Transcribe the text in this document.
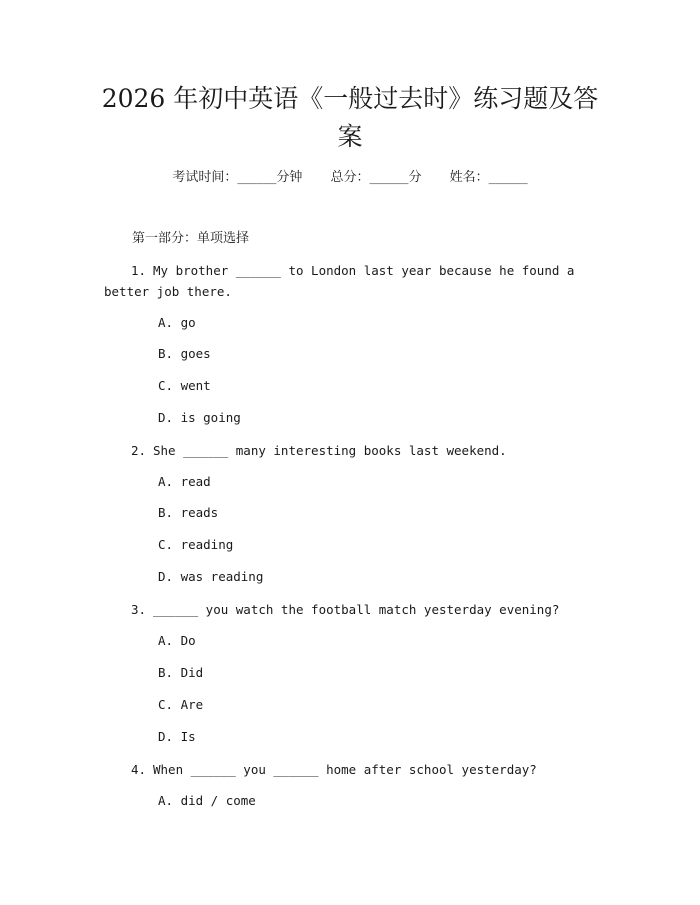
2026 年初中英语《一般过去时》练习题及答案
考试时间：______分钟 总分：______分 姓名：______
第一部分：单项选择
1. My brother ______ to London last year because he found a better job there.
A. go
B. goes
C. went
D. is going
2. She ______ many interesting books last weekend.
A. read
B. reads
C. reading
D. was reading
3. ______ you watch the football match yesterday evening?
A. Do
B. Did
C. Are
D. Is
4. When ______ you ______ home after school yesterday?
A. did / come
